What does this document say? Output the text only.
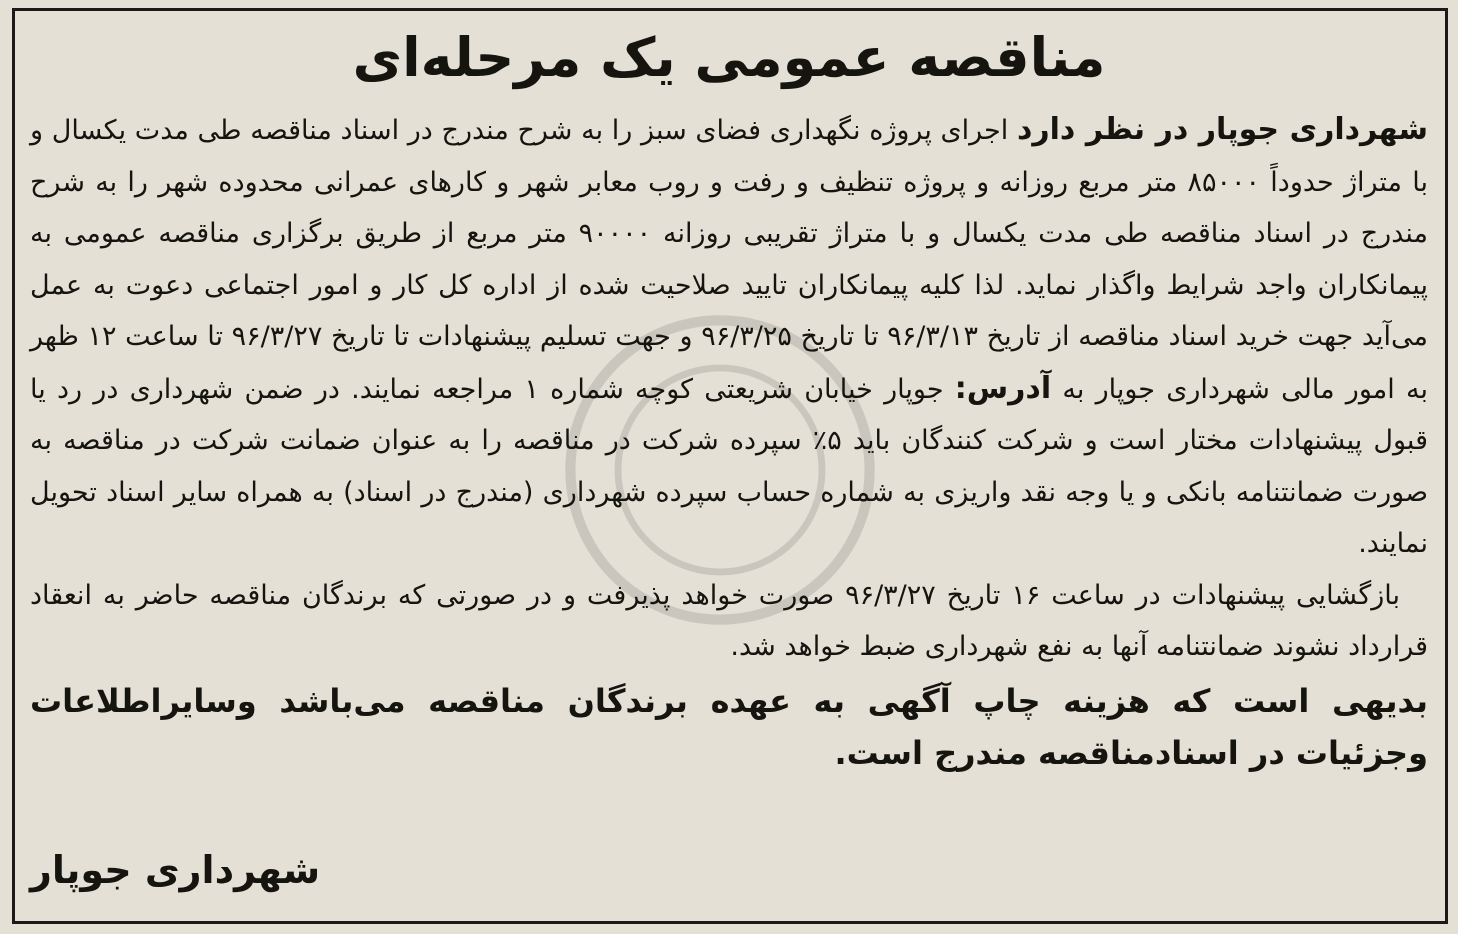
مناقصه عمومی یک مرحله‌ای

شهرداری جوپار در نظر دارد اجرای پروژه نگهداری فضای سبز را به شرح مندرج در اسناد مناقصه طی مدت یکسال و با متراژ حدوداً ۸۵۰۰۰ متر مربع روزانه و پروژه تنظیف و رفت و روب معابر شهر و کارهای عمرانی محدوده شهر را به شرح مندرج در اسناد مناقصه طی مدت یکسال و با متراژ تقریبی روزانه ۹۰۰۰۰ متر مربع از طریق برگزاری مناقصه عمومی به پیمانکاران واجد شرایط واگذار نماید. لذا کلیه پیمانکاران تایید صلاحیت شده از اداره کل کار و امور اجتماعی دعوت به عمل می‌آید جهت خرید اسناد مناقصه از تاریخ ۹۶/۳/۱۳ تا تاریخ ۹۶/۳/۲۵ و جهت تسلیم پیشنهادات تا تاریخ ۹۶/۳/۲۷ تا ساعت ۱۲ ظهر به امور مالی شهرداری جوپار به آدرس: جوپار خیابان شریعتی کوچه شماره ۱ مراجعه نمایند. در ضمن شهرداری در رد یا قبول پیشنهادات مختار است و شرکت کنندگان باید ۵٪ سپرده شرکت در مناقصه را به عنوان ضمانت شرکت در مناقصه به صورت ضمانتنامه بانکی و یا وجه نقد واریزی به شماره حساب سپرده شهرداری (مندرج در اسناد) به همراه سایر اسناد تحویل نمایند.

بازگشایی پیشنهادات در ساعت ۱۶ تاریخ ۹۶/۳/۲۷ صورت خواهد پذیرفت و در صورتی که برندگان مناقصه حاضر به انعقاد قرارداد نشوند ضمانتنامه آنها به نفع شهرداری ضبط خواهد شد.

بدیهی است که هزینه چاپ آگهی به عهده برندگان مناقصه می‌باشد وسایراطلاعات وجزئیات در اسنادمناقصه مندرج است.

شهرداری جوپار
